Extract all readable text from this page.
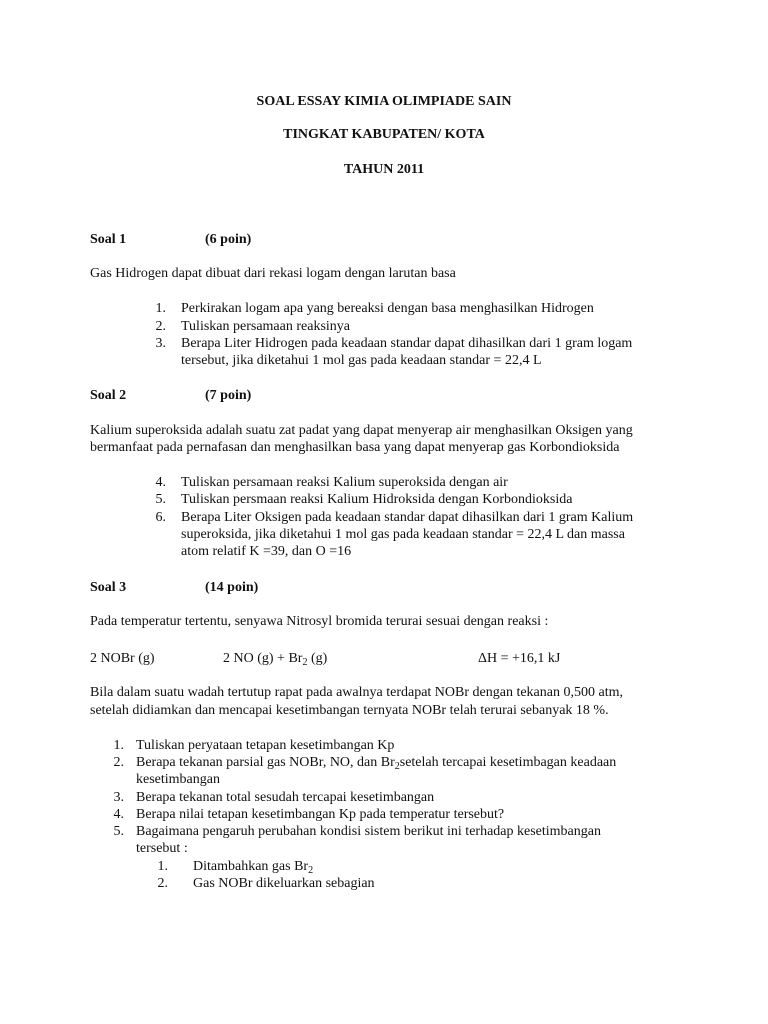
SOAL ESSAY KIMIA OLIMPIADE SAIN
TINGKAT KABUPATEN/ KOTA
TAHUN 2011
Soal 1	(6 poin)
Gas Hidrogen dapat dibuat dari rekasi logam dengan larutan basa
1. Perkirakan logam apa yang bereaksi dengan basa menghasilkan Hidrogen
2. Tuliskan persamaan reaksinya
3. Berapa Liter Hidrogen pada keadaan standar dapat dihasilkan dari 1 gram logam
tersebut, jika diketahui 1 mol gas pada keadaan standar = 22,4 L
Soal 2	(7 poin)
Kalium superoksida adalah suatu zat padat yang dapat menyerap air menghasilkan Oksigen yang
bermanfaat pada pernafasan dan menghasilkan basa yang dapat menyerap gas Korbondioksida
4. Tuliskan persamaan reaksi Kalium superoksida dengan air
5. Tuliskan persmaan reaksi Kalium Hidroksida dengan Korbondioksida
6. Berapa Liter Oksigen pada keadaan standar dapat dihasilkan dari 1 gram Kalium
superoksida, jika diketahui 1 mol gas pada keadaan standar = 22,4 L dan massa
atom relatif K =39, dan O =16
Soal 3	(14 poin)
Pada temperatur tertentu, senyawa Nitrosyl bromida terurai sesuai dengan reaksi :
2 NOBr (g)	2 NO $(g) + Br_2$ (g)	ΔH = +16,1 kJ
Bila dalam suatu wadah tertutup rapat pada awalnya terdapat NOBr dengan tekanan 0,500 atm,
setelah didiamkan dan mencapai kesetimbangan ternyata NOBr telah terurai sebanyak 18 %.
1. Tuliskan peryataan tetapan kesetimbangan Kp
2. Berapa tekanan parsial gas NOBr, NO, dan $Br_2setelah$ tercapai kesetimbagan keadaan
kesetimbangan
3. Berapa tekanan total sesudah tercapai kesetimbangan
4. Berapa nilai tetapan kesetimbangan Kp pada temperatur tersebut?
5. Bagaimana pengaruh perubahan kondisi sistem berikut ini terhadap kesetimbangan
tersebut :
1. Ditambahkan gas $Br_2$
2. Gas NOBr dikeluarkan sebagian
